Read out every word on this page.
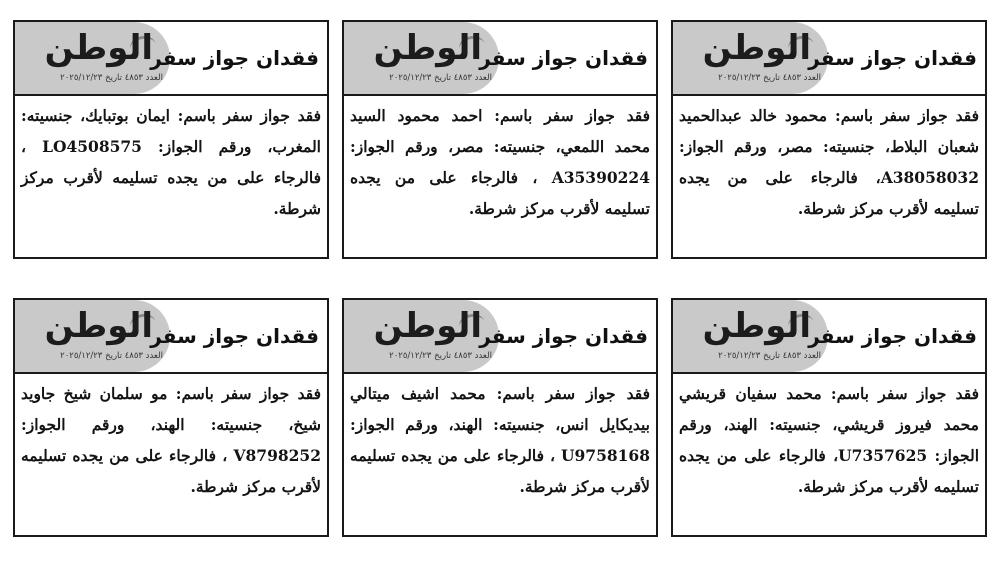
الوطن
العدد ٤٨٥٣ تاريخ ٢٠٢٥/١٢/٢٣
فقدان جواز سفر
فقد جواز سفر باسم: محمود خالد عبدالحميد شعبان البلاط، جنسيته: مصر، ورقم الجواز: A38058032، فالرجاء على من يجده تسليمه لأقرب مركز شرطة.
الوطن
العدد ٤٨٥٣ تاريخ ٢٠٢٥/١٢/٢٣
فقدان جواز سفر
فقد جواز سفر باسم: احمد محمود السيد محمد اللمعي، جنسيته: مصر، ورقم الجواز: A35390224 ، فالرجاء على من يجده تسليمه لأقرب مركز شرطة.
الوطن
العدد ٤٨٥٣ تاريخ ٢٠٢٥/١٢/٢٣
فقدان جواز سفر
فقد جواز سفر باسم: ايمان بوتبايك، جنسيته: المغرب، ورقم الجواز: LO4508575 ، فالرجاء على من يجده تسليمه لأقرب مركز شرطة.
الوطن
العدد ٤٨٥٣ تاريخ ٢٠٢٥/١٢/٢٣
فقدان جواز سفر
فقد جواز سفر باسم: محمد سفيان قريشي محمد فيروز قريشي، جنسيته: الهند، ورقم الجواز: U7357625، فالرجاء على من يجده تسليمه لأقرب مركز شرطة.
الوطن
العدد ٤٨٥٣ تاريخ ٢٠٢٥/١٢/٢٣
فقدان جواز سفر
فقد جواز سفر باسم: محمد اشيف ميتالي بيديكايل انس، جنسيته: الهند، ورقم الجواز: U9758168 ، فالرجاء على من يجده تسليمه لأقرب مركز شرطة.
الوطن
العدد ٤٨٥٣ تاريخ ٢٠٢٥/١٢/٢٣
فقدان جواز سفر
فقد جواز سفر باسم: مو سلمان شيخ جاويد شيخ، جنسيته: الهند، ورقم الجواز: V8798252 ، فالرجاء على من يجده تسليمه لأقرب مركز شرطة.
